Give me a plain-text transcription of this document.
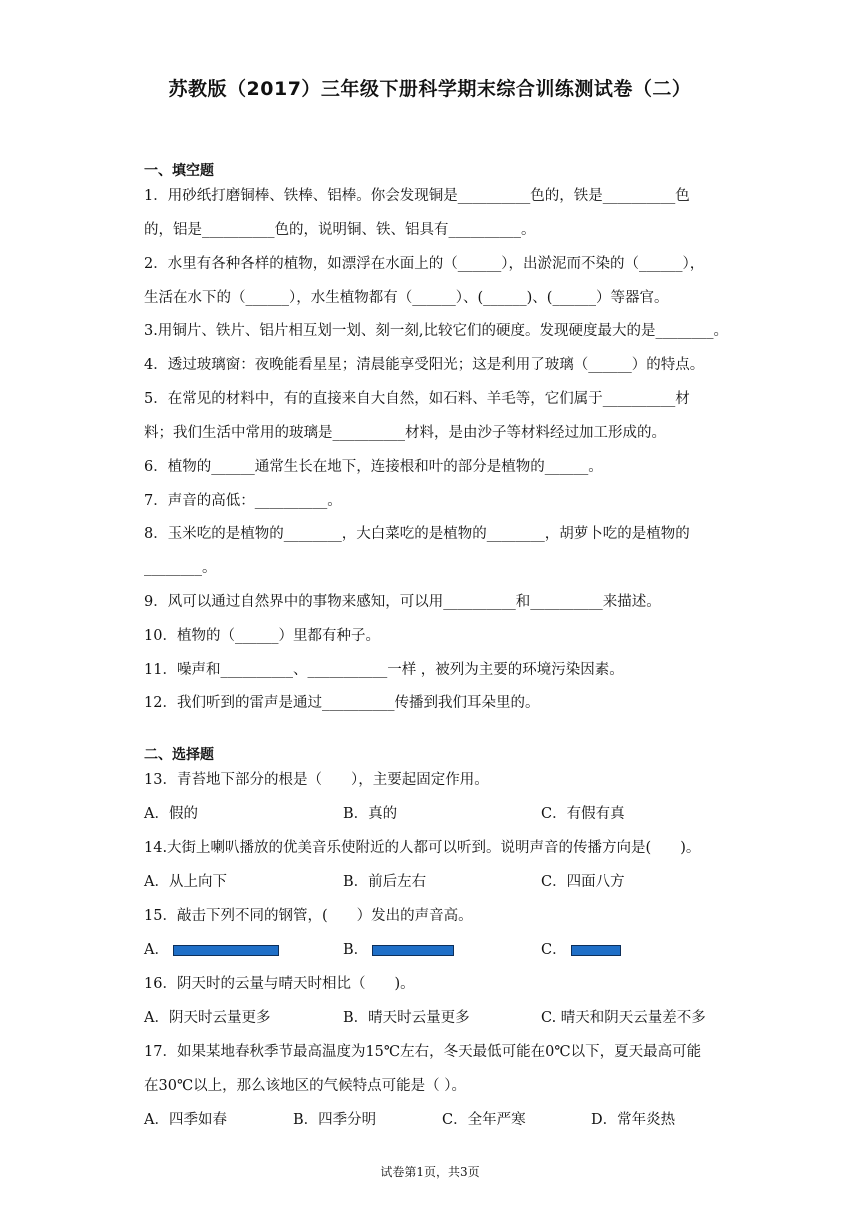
苏教版（2017）三年级下册科学期末综合训练测试卷（二）
一、填空题
1．用砂纸打磨铜棒、铁棒、铝棒。你会发现铜是__________色的，铁是__________色
的，铝是__________色的，说明铜、铁、铝具有__________。
2．水里有各种各样的植物，如漂浮在水面上的（______），出淤泥而不染的（______），
生活在水下的（______），水生植物都有（______）、(______)、(______）等器官。
3.用铜片、铁片、铝片相互划一划、刻一刻,比较它们的硬度。发现硬度最大的是________。
4．透过玻璃窗：夜晚能看星星；清晨能享受阳光；这是利用了玻璃（______）的特点。
5．在常见的材料中，有的直接来自大自然，如石料、羊毛等，它们属于__________材
料；我们生活中常用的玻璃是__________材料，是由沙子等材料经过加工形成的。
6．植物的______通常生长在地下，连接根和叶的部分是植物的______。
7．声音的高低：__________。
8．玉米吃的是植物的________，大白菜吃的是植物的________，胡萝卜吃的是植物的
________。
9．风可以通过自然界中的事物来感知，可以用__________和__________来描述。
10．植物的（______）里都有种子。
11．噪声和__________、___________一样 ，被列为主要的环境污染因素。
12．我们听到的雷声是通过__________传播到我们耳朵里的。
二、选择题
13．青苔地下部分的根是（　　），主要起固定作用。
A．假的	B．真的	C．有假有真
14.大街上喇叭播放的优美音乐使附近的人都可以听到。说明声音的传播方向是(　　)。
A．从上向下	B．前后左右	C．四面八方
15．敲击下列不同的钢管，(　　）发出的声音高。
A．	B．	C．
16．阴天时的云量与晴天时相比（　　)。
A．阴天时云量更多	B．晴天时云量更多	C. 晴天和阴天云量差不多
17．如果某地春秋季节最高温度为15℃左右，冬天最低可能在0℃以下，夏天最高可能
在30℃以上，那么该地区的气候特点可能是（ ）。
A．四季如春	B．四季分明	C．全年严寒	D．常年炎热
试卷第1页，共3页
